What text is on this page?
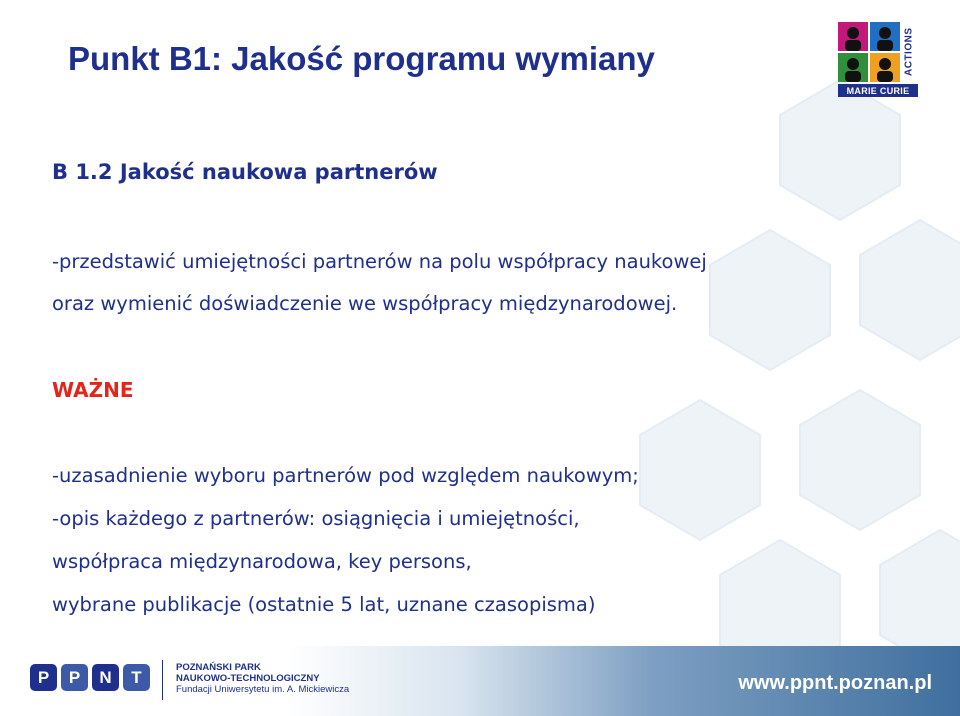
Punkt B1: Jakość programu wymiany	ACTIONS
MARIE CURIE
B 1.2 Jakość naukowa partnerów

-przedstawić umiejętności partnerów na polu współpracy naukowej

oraz wymienić doświadczenie we współpracy międzynarodowej.

WAŻNE

-uzasadnienie wyboru partnerów pod względem naukowym;

-opis każdego z partnerów: osiągnięcia i umiejętności,

współpraca międzynarodowa, key persons,

wybrane publikacje (ostatnie 5 lat, uznane czasopisma)

P	P	N	T	POZNAŃSKI PARK
NAUKOWO-TECHNOLOGICZNY
Fundacji Uniwersytetu im. A. Mickiewicza	www.ppnt.poznan.pl
